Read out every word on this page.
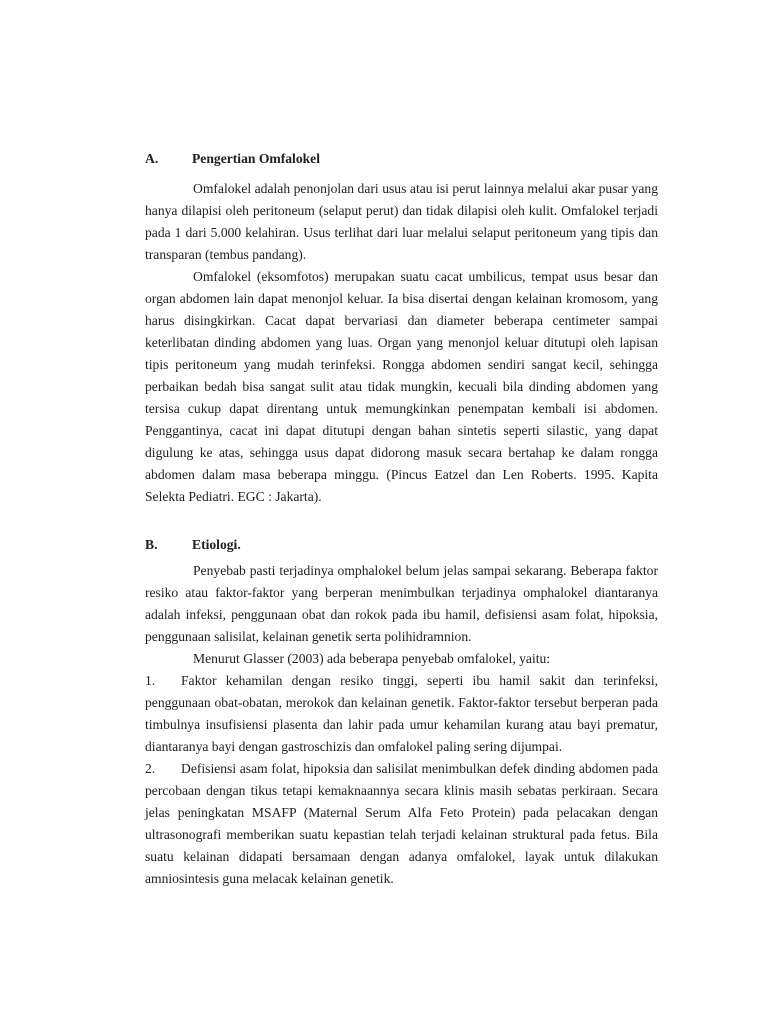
A.	Pengertian Omfalokel

Omfalokel adalah penonjolan dari usus atau isi perut lainnya melalui akar pusar yang hanya dilapisi oleh peritoneum (selaput perut) dan tidak dilapisi oleh kulit. Omfalokel terjadi pada 1 dari 5.000 kelahiran. Usus terlihat dari luar melalui selaput peritoneum yang tipis dan transparan (tembus pandang).

Omfalokel (eksomfotos) merupakan suatu cacat umbilicus, tempat usus besar dan organ abdomen lain dapat menonjol keluar. Ia bisa disertai dengan kelainan kromosom, yang harus disingkirkan. Cacat dapat bervariasi dan diameter beberapa centimeter sampai keterlibatan dinding abdomen yang luas. Organ yang menonjol keluar ditutupi oleh lapisan tipis peritoneum yang mudah terinfeksi. Rongga abdomen sendiri sangat kecil, sehingga perbaikan bedah bisa sangat sulit atau tidak mungkin, kecuali bila dinding abdomen yang tersisa cukup dapat direntang untuk memungkinkan penempatan kembali isi abdomen. Penggantinya, cacat ini dapat ditutupi dengan bahan sintetis seperti silastic, yang dapat digulung ke atas, sehingga usus dapat didorong masuk secara bertahap ke dalam rongga abdomen dalam masa beberapa minggu. (Pincus Eatzel dan Len Roberts. 1995. Kapita Selekta Pediatri. EGC : Jakarta).

B.	Etiologi.

Penyebab pasti terjadinya omphalokel belum jelas sampai sekarang. Beberapa faktor resiko atau faktor-faktor yang berperan menimbulkan terjadinya omphalokel diantaranya adalah infeksi, penggunaan obat dan rokok pada ibu hamil, defisiensi asam folat, hipoksia, penggunaan salisilat, kelainan genetik serta polihidramnion.

Menurut Glasser (2003) ada beberapa penyebab omfalokel, yaitu:

1. Faktor kehamilan dengan resiko tinggi, seperti ibu hamil sakit dan terinfeksi, penggunaan obat-obatan, merokok dan kelainan genetik. Faktor-faktor tersebut berperan pada timbulnya insufisiensi plasenta dan lahir pada umur kehamilan kurang atau bayi prematur, diantaranya bayi dengan gastroschizis dan omfalokel paling sering dijumpai.

2. Defisiensi asam folat, hipoksia dan salisilat menimbulkan defek dinding abdomen pada percobaan dengan tikus tetapi kemaknaannya secara klinis masih sebatas perkiraan. Secara jelas peningkatan MSAFP (Maternal Serum Alfa Feto Protein) pada pelacakan dengan ultrasonografi memberikan suatu kepastian telah terjadi kelainan struktural pada fetus. Bila suatu kelainan didapati bersamaan dengan adanya omfalokel, layak untuk dilakukan amniosintesis guna melacak kelainan genetik.
